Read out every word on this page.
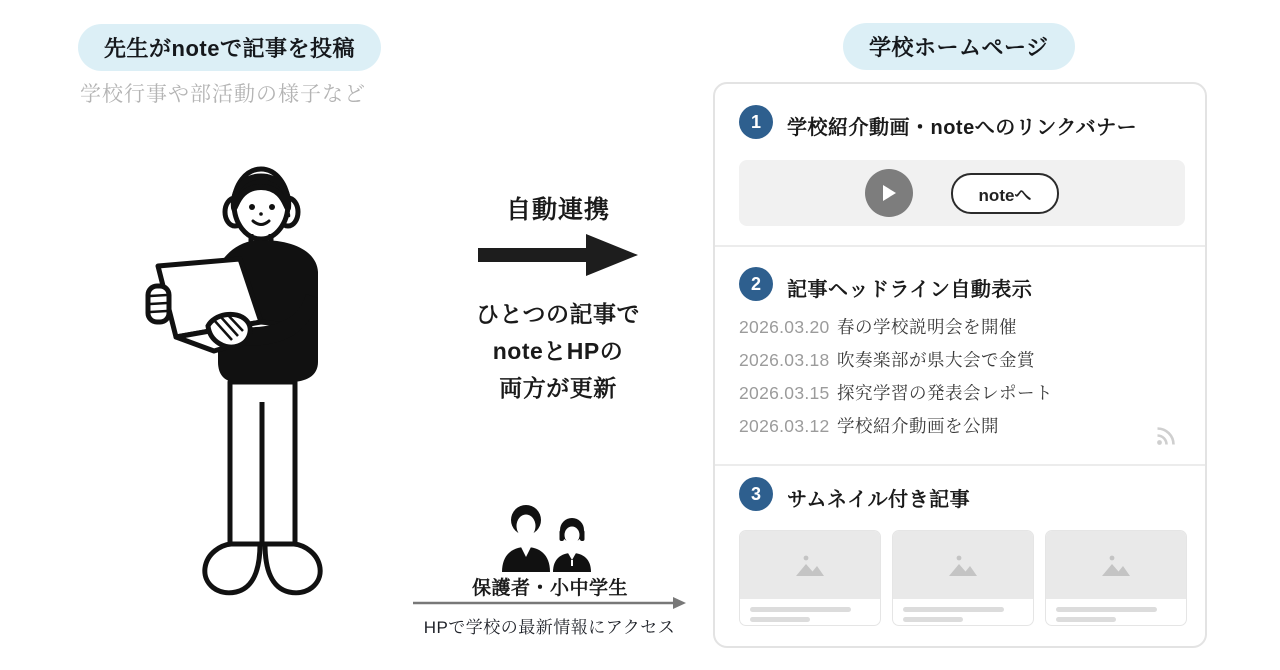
先生がnoteで記事を投稿
学校行事や部活動の様子など
自動連携
ひとつの記事で
noteとHPの
両方が更新
保護者・小中学生
HPで学校の最新情報にアクセス
学校ホームページ
1	学校紹介動画・noteへのリンクバナー
noteへ
2	記事ヘッドライン自動表示
2026.03.20 春の学校説明会を開催
2026.03.18 吹奏楽部が県大会で金賞
2026.03.15 探究学習の発表会レポート
2026.03.12 学校紹介動画を公開
3	サムネイル付き記事
